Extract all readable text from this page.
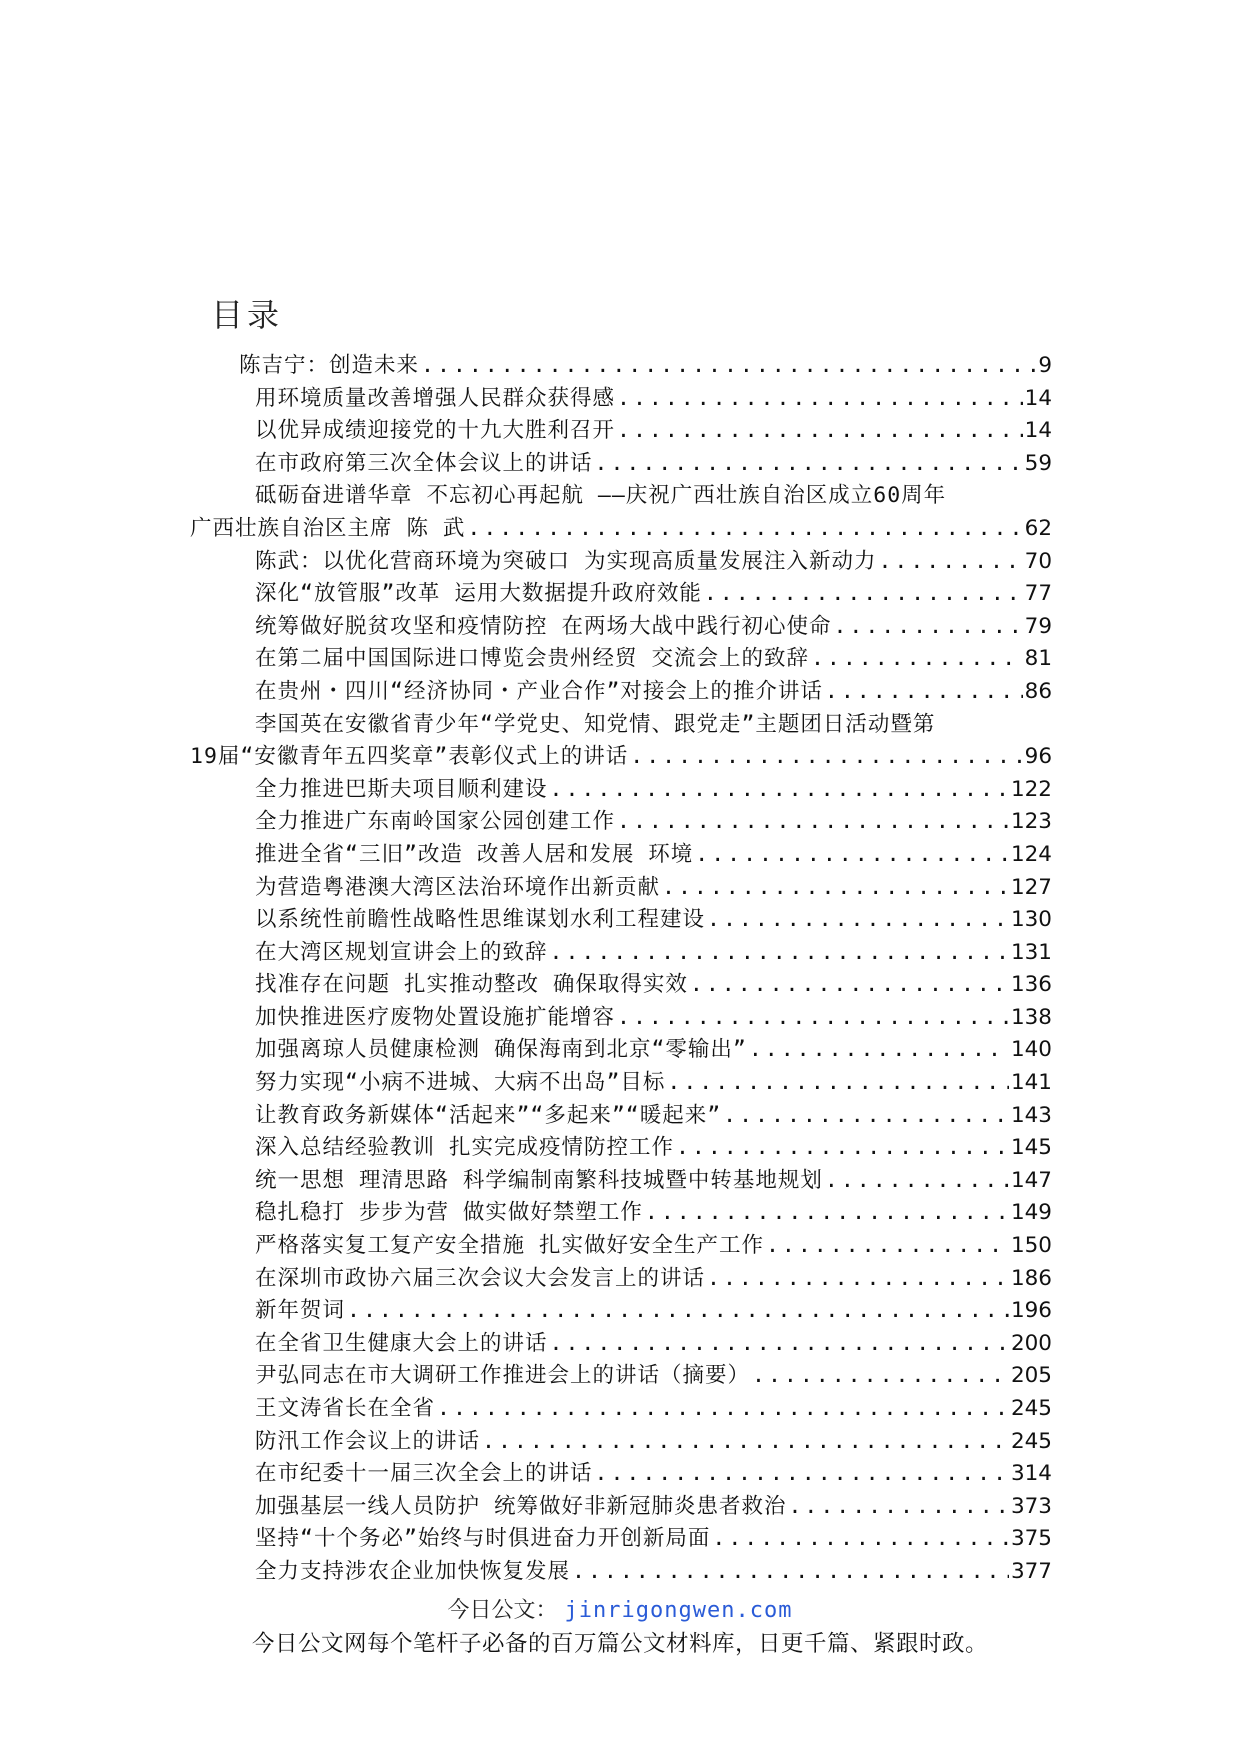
目录
陈吉宁：创造未来 .....	9
用环境质量改善增强人民群众获得感 .....	14
以优异成绩迎接党的十九大胜利召开 .....	14
在市政府第三次全体会议上的讲话 .....	59
砥砺奋进谱华章 不忘初心再起航 ——庆祝广西壮族自治区成立60周年
广西壮族自治区主席 陈 武 .....	62
陈武：以优化营商环境为突破口 为实现高质量发展注入新动力 .....	70
深化“放管服”改革 运用大数据提升政府效能 .....	77
统筹做好脱贫攻坚和疫情防控 在两场大战中践行初心使命 .....	79
在第二届中国国际进口博览会贵州经贸 交流会上的致辞 .....	81
在贵州・四川“经济协同・产业合作”对接会上的推介讲话 .....	86
李国英在安徽省青少年“学党史、知党情、跟党走”主题团日活动暨第
19届“安徽青年五四奖章”表彰仪式上的讲话 .....	96
全力推进巴斯夫项目顺利建设 .....	122
全力推进广东南岭国家公园创建工作 .....	123
推进全省“三旧”改造 改善人居和发展 环境 .....	124
为营造粤港澳大湾区法治环境作出新贡献 .....	127
以系统性前瞻性战略性思维谋划水利工程建设 .....	130
在大湾区规划宣讲会上的致辞 .....	131
找准存在问题 扎实推动整改 确保取得实效 .....	136
加快推进医疗废物处置设施扩能增容 .....	138
加强离琼人员健康检测 确保海南到北京“零输出” .....	140
努力实现“小病不进城、大病不出岛”目标 .....	141
让教育政务新媒体“活起来”“多起来”“暖起来” .....	143
深入总结经验教训 扎实完成疫情防控工作 .....	145
统一思想 理清思路 科学编制南繁科技城暨中转基地规划 .....	147
稳扎稳打 步步为营 做实做好禁塑工作 .....	149
严格落实复工复产安全措施 扎实做好安全生产工作 .....	150
在深圳市政协六届三次会议大会发言上的讲话 .....	186
新年贺词 .....	196
在全省卫生健康大会上的讲话 .....	200
尹弘同志在市大调研工作推进会上的讲话（摘要） .....	205
王文涛省长在全省 .....	245
防汛工作会议上的讲话 .....	245
在市纪委十一届三次全会上的讲话 .....	314
加强基层一线人员防护 统筹做好非新冠肺炎患者救治 .....	373
坚持“十个务必”始终与时俱进奋力开创新局面 .....	375
全力支持涉农企业加快恢复发展 .....	377
今日公文： jinrigongwen.com
今日公文网每个笔杆子必备的百万篇公文材料库，日更千篇、紧跟时政。
